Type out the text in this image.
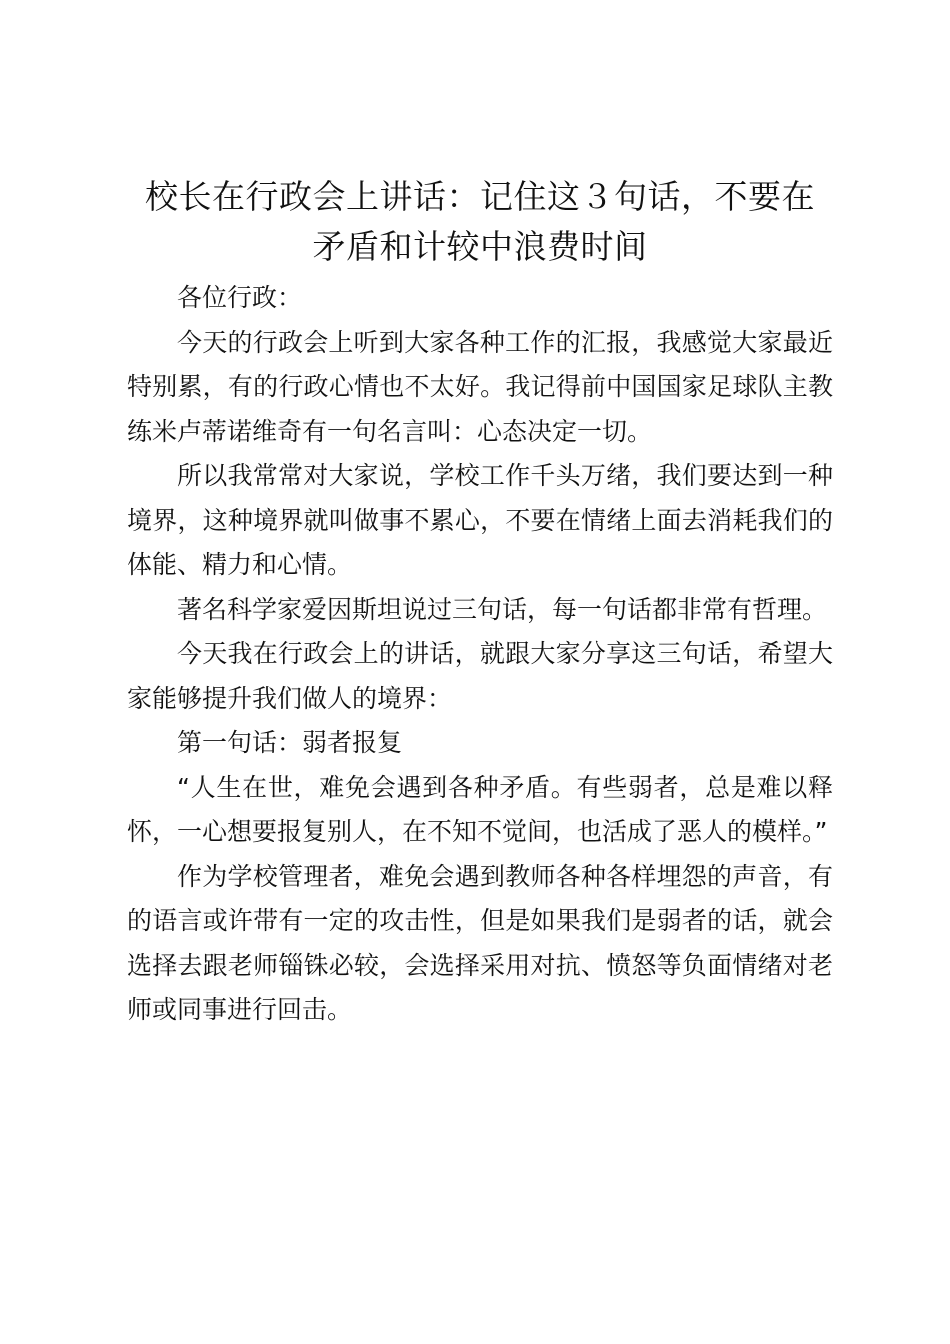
校长在行政会上讲话：记住这３句话，不要在
矛盾和计较中浪费时间

各位行政：

今天的行政会上听到大家各种工作的汇报，我感觉大家最近特别累，有的行政心情也不太好。我记得前中国国家足球队主教练米卢蒂诺维奇有一句名言叫：心态决定一切。

所以我常常对大家说，学校工作千头万绪，我们要达到一种境界，这种境界就叫做事不累心，不要在情绪上面去消耗我们的体能、精力和心情。

著名科学家爱因斯坦说过三句话，每一句话都非常有哲理。

今天我在行政会上的讲话，就跟大家分享这三句话，希望大家能够提升我们做人的境界：

第一句话：弱者报复

“人生在世，难免会遇到各种矛盾。有些弱者，总是难以释怀，一心想要报复别人，在不知不觉间，也活成了恶人的模样。”

作为学校管理者，难免会遇到教师各种各样埋怨的声音，有的语言或许带有一定的攻击性，但是如果我们是弱者的话，就会选择去跟老师锱铢必较，会选择采用对抗、愤怒等负面情绪对老师或同事进行回击。
